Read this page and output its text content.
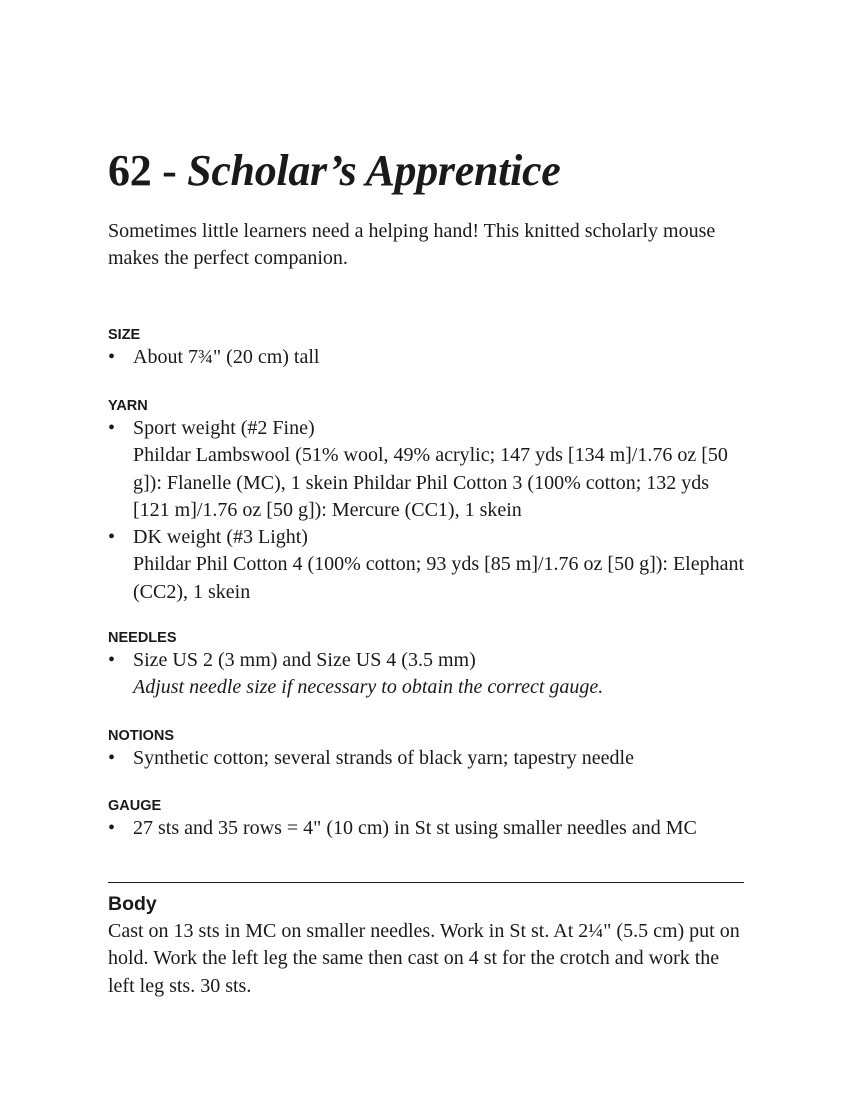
62 - Scholar’s Apprentice

Sometimes little learners need a helping hand! This knitted scholarly mouse makes the perfect companion.

SIZE
• About 7¾" (20 cm) tall
YARN
• Sport weight (#2 Fine)
Phildar Lambswool (51% wool, 49% acrylic; 147 yds [134 m]/1.76 oz [50 g]): Flanelle (MC), 1 skein Phildar Phil Cotton 3 (100% cotton; 132 yds [121 m]/1.76 oz [50 g]): Mercure (CC1), 1 skein
• DK weight (#3 Light)
Phildar Phil Cotton 4 (100% cotton; 93 yds [85 m]/1.76 oz [50 g]): Elephant (CC2), 1 skein
NEEDLES
• Size US 2 (3 mm) and Size US 4 (3.5 mm)
Adjust needle size if necessary to obtain the correct gauge.
NOTIONS
• Synthetic cotton; several strands of black yarn; tapestry needle
GAUGE
• 27 sts and 35 rows = 4" (10 cm) in St st using smaller needles and MC
Body

Cast on 13 sts in MC on smaller needles. Work in St st. At 2¼" (5.5 cm) put on hold. Work the left leg the same then cast on 4 st for the crotch and work the left leg sts. 30 sts.
